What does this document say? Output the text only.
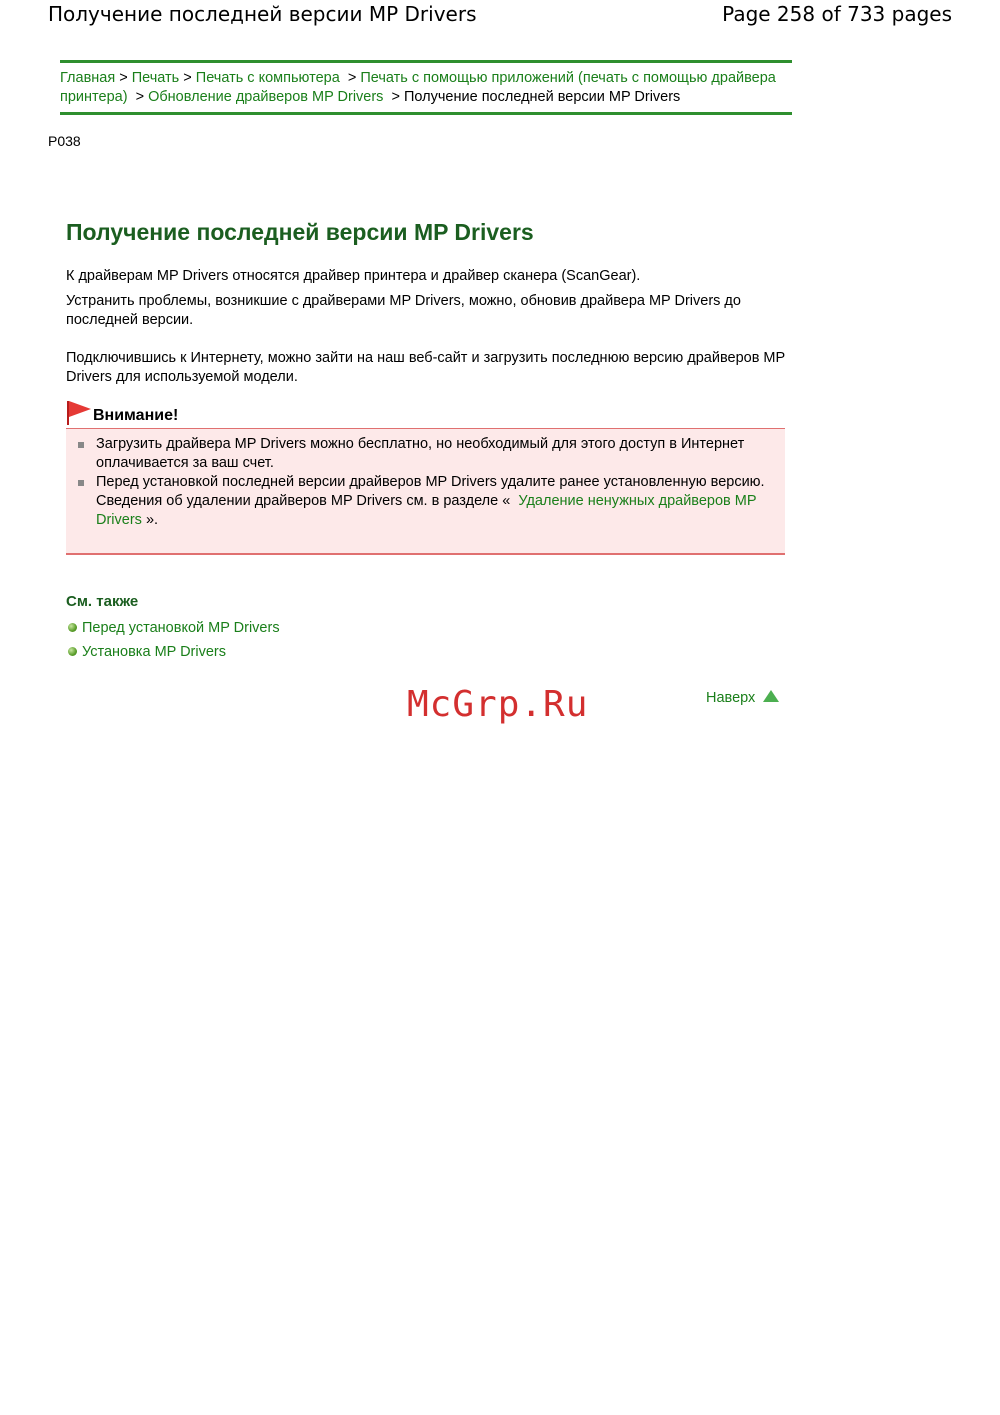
Получение последней версии MP Drivers	Page 258 of 733 pages
Главная > Печать > Печать с компьютера > Печать с помощью приложений (печать с помощью драйвера принтера) > Обновление драйверов MP Drivers > Получение последней версии MP Drivers
P038
Получение последней версии MP Drivers

К драйверам MP Drivers относятся драйвер принтера и драйвер сканера (ScanGear).

Устранить проблемы, возникшие с драйверами MP Drivers, можно, обновив драйвера MP Drivers до последней версии.

Подключившись к Интернету, можно зайти на наш веб-сайт и загрузить последнюю версию драйверов MP Drivers для используемой модели.

Внимание!
Загрузить драйвера MP Drivers можно бесплатно, но необходимый для этого доступ в Интернет оплачивается за ваш счет.
Перед установкой последней версии драйверов MP Drivers удалите ранее установленную версию.
Сведения об удалении драйверов MP Drivers см. в разделе « Удаление ненужных драйверов MP Drivers ».
См. также

Перед установкой MP Drivers

Установка MP Drivers

McGrp.Ru	Наверх
